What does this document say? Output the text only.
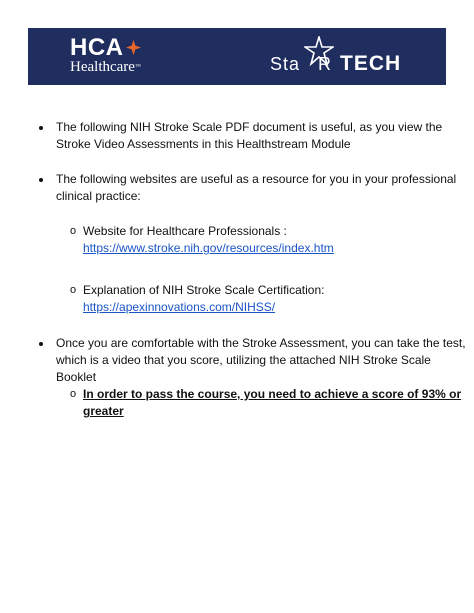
HCA
Healthcare™	Sta R TECH
The following NIH Stroke Scale PDF document is useful, as you view the
Stroke Video Assessments in this Healthstream Module
The following websites are useful as a resource for you in your professional
clinical practice:
o Website for Healthcare Professionals :
https://www.stroke.nih.gov/resources/index.htm
o Explanation of NIH Stroke Scale Certification:
https://apexinnovations.com/NIHSS/
Once you are comfortable with the Stroke Assessment, you can take the test,
which is a video that you score, utilizing the attached NIH Stroke Scale
Booklet
o In order to pass the course, you need to achieve a score of 93% or
greater
